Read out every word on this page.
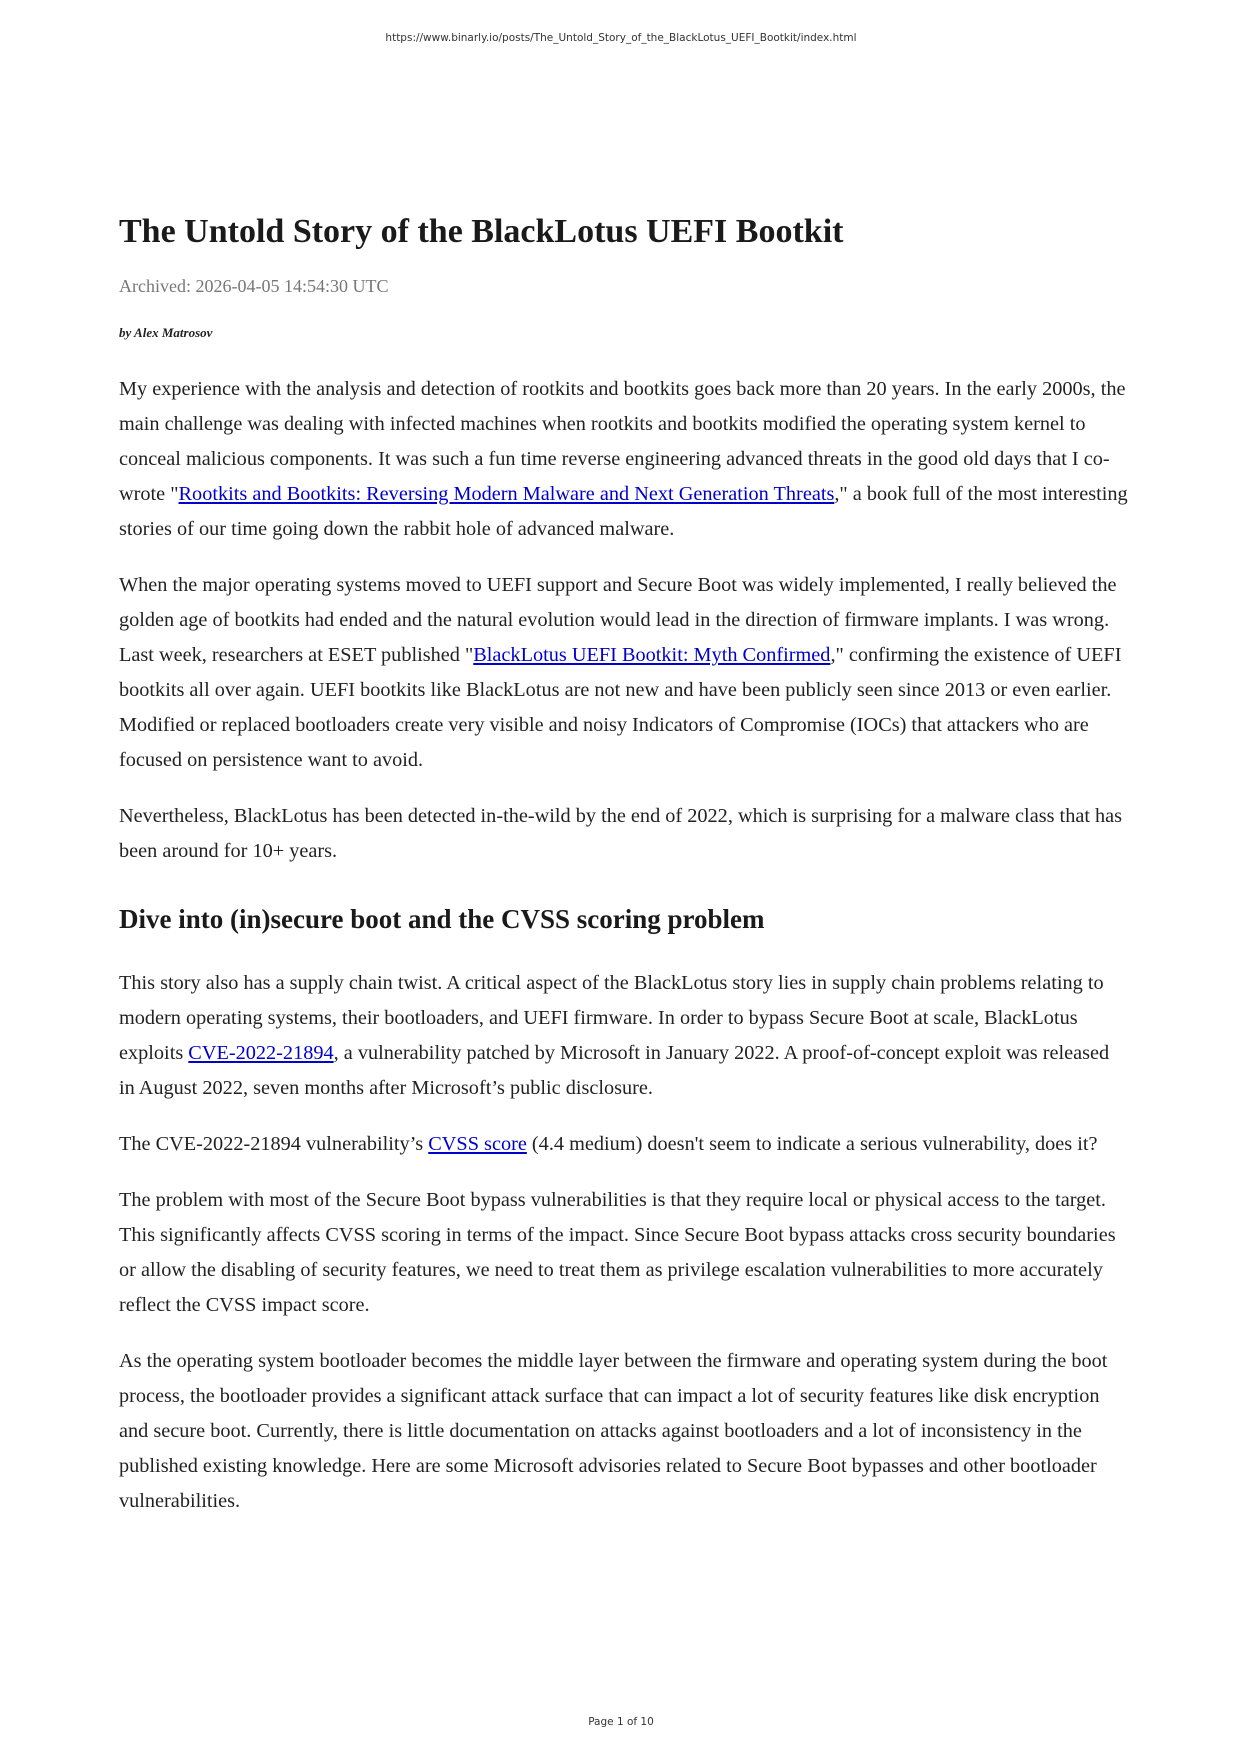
https://www.binarly.io/posts/The_Untold_Story_of_the_BlackLotus_UEFI_Bootkit/index.html
The Untold Story of the BlackLotus UEFI Bootkit
Archived: 2026-04-05 14:54:30 UTC
by Alex Matrosov

My experience with the analysis and detection of rootkits and bootkits goes back more than 20 years. In the early 2000s, the main challenge was dealing with infected machines when rootkits and bootkits modified the operating system kernel to conceal malicious components. It was such a fun time reverse engineering advanced threats in the good old days that I co-wrote "Rootkits and Bootkits: Reversing Modern Malware and Next Generation Threats," a book full of the most interesting stories of our time going down the rabbit hole of advanced malware.

When the major operating systems moved to UEFI support and Secure Boot was widely implemented, I really believed the golden age of bootkits had ended and the natural evolution would lead in the direction of firmware implants. I was wrong. Last week, researchers at ESET published "BlackLotus UEFI Bootkit: Myth Confirmed," confirming the existence of UEFI bootkits all over again. UEFI bootkits like BlackLotus are not new and have been publicly seen since 2013 or even earlier. Modified or replaced bootloaders create very visible and noisy Indicators of Compromise (IOCs) that attackers who are focused on persistence want to avoid.

Nevertheless, BlackLotus has been detected in-the-wild by the end of 2022, which is surprising for a malware class that has been around for 10+ years.

Dive into (in)secure boot and the CVSS scoring problem

This story also has a supply chain twist. A critical aspect of the BlackLotus story lies in supply chain problems relating to modern operating systems, their bootloaders, and UEFI firmware. In order to bypass Secure Boot at scale, BlackLotus exploits CVE-2022-21894, a vulnerability patched by Microsoft in January 2022. A proof-of-concept exploit was released in August 2022, seven months after Microsoft’s public disclosure.

The CVE-2022-21894 vulnerability’s CVSS score (4.4 medium) doesn't seem to indicate a serious vulnerability, does it?

The problem with most of the Secure Boot bypass vulnerabilities is that they require local or physical access to the target. This significantly affects CVSS scoring in terms of the impact. Since Secure Boot bypass attacks cross security boundaries or allow the disabling of security features, we need to treat them as privilege escalation vulnerabilities to more accurately reflect the CVSS impact score.

As the operating system bootloader becomes the middle layer between the firmware and operating system during the boot process, the bootloader provides a significant attack surface that can impact a lot of security features like disk encryption and secure boot. Currently, there is little documentation on attacks against bootloaders and a lot of inconsistency in the published existing knowledge. Here are some Microsoft advisories related to Secure Boot bypasses and other bootloader vulnerabilities.

Page 1 of 10
